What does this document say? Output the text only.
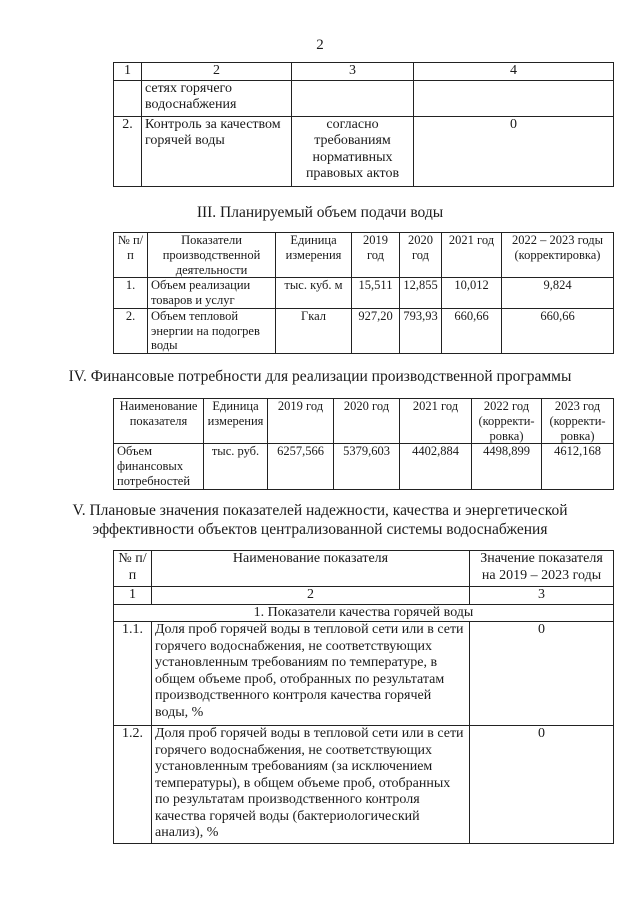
2
1	2	3	4
	сетях горячего водоснабжения		
2.	Контроль за качеством горячей воды	согласно требованиям нормативных правовых актов	0
III. Планируемый объем подачи воды
№ п/п	Показатели производственной деятельности	Единица измерения	2019 год	2020 год	2021 год	2022 – 2023 годы (корректировка)
1.	Объем реализации товаров и услуг	тыс. куб. м	15,511	12,855	10,012	9,824
2.	Объем тепловой энергии на подогрев воды	Гкал	927,20	793,93	660,66	660,66
IV. Финансовые потребности для реализации производственной программы
Наименование показателя	Единица измерения	2019 год	2020 год	2021 год	2022 год (корректи-ровка)	2023 год (корректи-ровка)
Объем финансовых потребностей	тыс. руб.	6257,566	5379,603	4402,884	4498,899	4612,168
V. Плановые значения показателей надежности, качества и энергетической
эффективности объектов централизованной системы водоснабжения
№ п/п	Наименование показателя	Значение показателя на 2019 – 2023 годы
1	2	3
1. Показатели качества горячей воды		
1.1.	Доля проб горячей воды в тепловой сети или в сети горячего водоснабжения, не соответствующих установленным требованиям по температуре, в общем объеме проб, отобранных по результатам производственного контроля качества горячей воды, %	0
1.2.	Доля проб горячей воды в тепловой сети или в сети горячего водоснабжения, не соответствующих установленным требованиям (за исключением температуры), в общем объеме проб, отобранных по результатам производственного контроля качества горячей воды (бактериологический анализ), %	0
